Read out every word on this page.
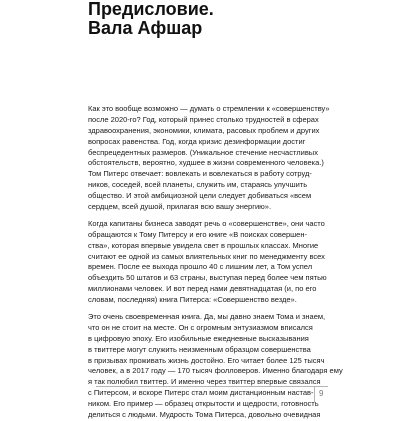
Предисловие.
Вала Афшар
Как это вообще возможно — думать о стремлении к «совершенству»
после 2020-го? Год, который принес столько трудностей в сферах
здравоохранения, экономики, климата, расовых проблем и других
вопросах равенства. Год, когда кризис дезинформации достиг
беспрецедентных размеров. (Уникальное стечение несчастливых
обстоятельств, вероятно, худшее в жизни современного человека.)
Том Питерс отвечает: вовлекать и вовлекаться в работу сотруд-
ников, соседей, всей планеты, служить им, стараясь улучшить
общество. И этой амбициозной цели следует добиваться «всем
сердцем, всей душой, прилагая всю вашу энергию».
Когда капитаны бизнеса заводят речь о «совершенстве», они часто
обращаются к Тому Питерсу и его книге «В поисках совершен-
ства», которая впервые увидела свет в прошлых классах. Многие
считают ее одной из самых влиятельных книг по менеджменту всех
времен. После ее выхода прошло 40 с лишним лет, а Том успел
объездить 50 штатов и 63 страны, выступая перед более чем пятью
миллионами человек. И вот перед нами девятнадцатая (и, по его
словам, последняя) книга Питерса: «Совершенство везде».
Это очень своевременная книга. Да, мы давно знаем Тома и знаем,
что он не стоит на месте. Он с огромным энтузиазмом вписался
в цифровую эпоху. Его изобильные ежедневные высказывания
в твиттере могут служить неизменным образцом совершенства
в призывах проживать жизнь достойно. Его читает более 125 тысяч
человек, а в 2017 году — 170 тысяч фолловеров. Именно благодаря ему
я так полюбил твиттер. И именно через твиттер впервые связался
с Питерсом, и вскоре Питерс стал моим дистанционным настав-
ником. Его пример — образец открытости и щедрости, готовность
делиться с людьми. Мудрость Тома Питерса, довольно очевидная
9
